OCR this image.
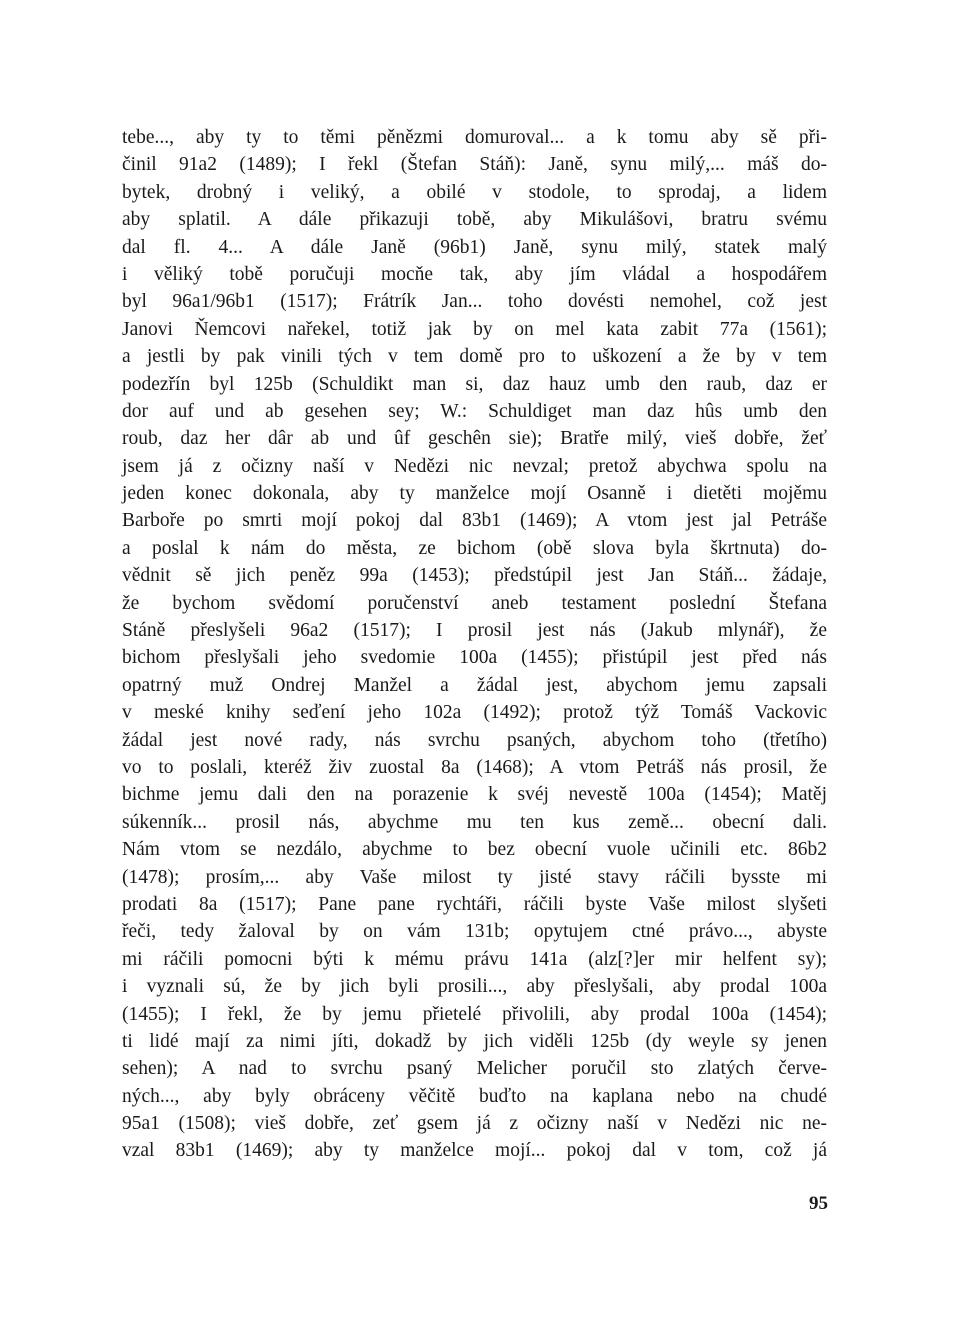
tebe..., aby ty to těmi pěnězmi domuroval... a k tomu aby sě při-
činil 91a2 (1489); I řekl (Štefan Stáň): Janě, synu milý,... máš do-
bytek, drobný i veliký, a obilé v stodole, to sprodaj, a lidem
aby splatil. A dále přikazuji tobě, aby Mikulášovi, bratru svému
dal fl. 4... A dále Janě (96b1) Janě, synu milý, statek malý
i věliký tobě poručuji mocňe tak, aby jím vládal a hospodářem
byl 96a1/96b1 (1517); Frátrík Jan... toho dovésti nemohel, což jest
Janovi Ňemcovi nařekel, totiž jak by on mel kata zabit 77a (1561);
a jestli by pak vinili tých v tem domě pro to uškození a že by v tem
podezřín byl 125b (Schuldikt man si, daz hauz umb den raub, daz er
dor auf und ab gesehen sey; W.: Schuldiget man daz hûs umb den
roub, daz her dâr ab und ûf geschên sie); Bratře milý, vieš dobře, žeť
jsem já z očizny naší v Nedězi nic nevzal; pretož abychwa spolu na
jeden konec dokonala, aby ty manželce mojí Osanně i dietěti mojěmu
Barboře po smrti mojí pokoj dal 83b1 (1469); A vtom jest jal Petráše
a poslal k nám do města, ze bichom (obě slova byla škrtnuta) do-
vědnit sě jich peněz 99a (1453); předstúpil jest Jan Stáň... žádaje,
že bychom svědomí poručenství aneb testament poslední Štefana
Stáně přeslyšeli 96a2 (1517); I prosil jest nás (Jakub mlynář), že
bichom přeslyšali jeho svedomie 100a (1455); přistúpil jest před nás
opatrný muž Ondrej Manžel a žádal jest, abychom jemu zapsali
v meské knihy seďení jeho 102a (1492); protož týž Tomáš Vackovic
žádal jest nové rady, nás svrchu psaných, abychom toho (třetího)
vo to poslali, kteréž živ zuostal 8a (1468); A vtom Petráš nás prosil, že
bichme jemu dali den na porazenie k svéj nevestě 100a (1454); Matěj
súkenník... prosil nás, abychme mu ten kus země... obecní dali.
Nám vtom se nezdálo, abychme to bez obecní vuole učinili etc. 86b2
(1478); prosím,... aby Vaše milost ty jisté stavy ráčili bysste mi
prodati 8a (1517); Pane pane rychtáři, ráčili byste Vaše milost slyšeti
řeči, tedy žaloval by on vám 131b; opytujem ctné právo..., abyste
mi ráčili pomocni býti k mému právu 141a (alz[?]er mir helfent sy);
i vyznali sú, že by jich byli prosili..., aby přeslyšali, aby prodal 100a
(1455); I řekl, že by jemu přietelé přivolili, aby prodal 100a (1454);
ti lidé mají za nimi jíti, dokadž by jich viděli 125b (dy weyle sy jenen
sehen); A nad to svrchu psaný Melicher poručil sto zlatých červe-
ných..., aby byly obráceny věčitě buďto na kaplana nebo na chudé
95a1 (1508); vieš dobře, zeť gsem já z očizny naší v Nedězi nic ne-
vzal 83b1 (1469); aby ty manželce mojí... pokoj dal v tom, což já
95
